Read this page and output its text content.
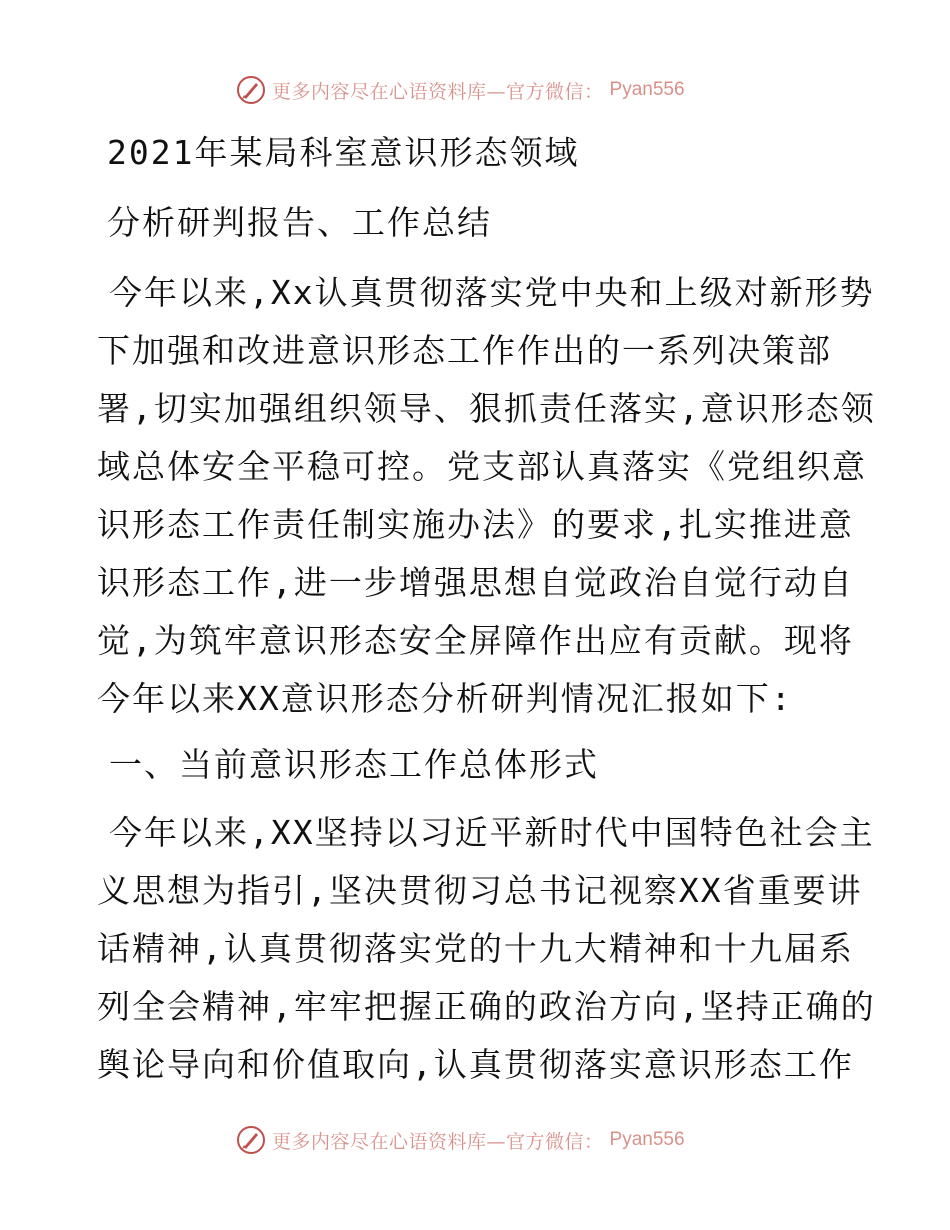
更多内容尽在心语资料库—官方微信： Pyan556
2021年某局科室意识形态领域
分析研判报告、工作总结
今年以来,Xx认真贯彻落实党中央和上级对新形势
下加强和改进意识形态工作作出的一系列决策部
署,切实加强组织领导、狠抓责任落实,意识形态领
域总体安全平稳可控。党支部认真落实《党组织意
识形态工作责任制实施办法》的要求,扎实推进意
识形态工作,进一步增强思想自觉政治自觉行动自
觉,为筑牢意识形态安全屏障作出应有贡献。现将
今年以来XX意识形态分析研判情况汇报如下:
一、当前意识形态工作总体形式
今年以来,XX坚持以习近平新时代中国特色社会主
义思想为指引,坚决贯彻习总书记视察XX省重要讲
话精神,认真贯彻落实党的十九大精神和十九届系
列全会精神,牢牢把握正确的政治方向,坚持正确的
舆论导向和价值取向,认真贯彻落实意识形态工作
更多内容尽在心语资料库—官方微信： Pyan556
